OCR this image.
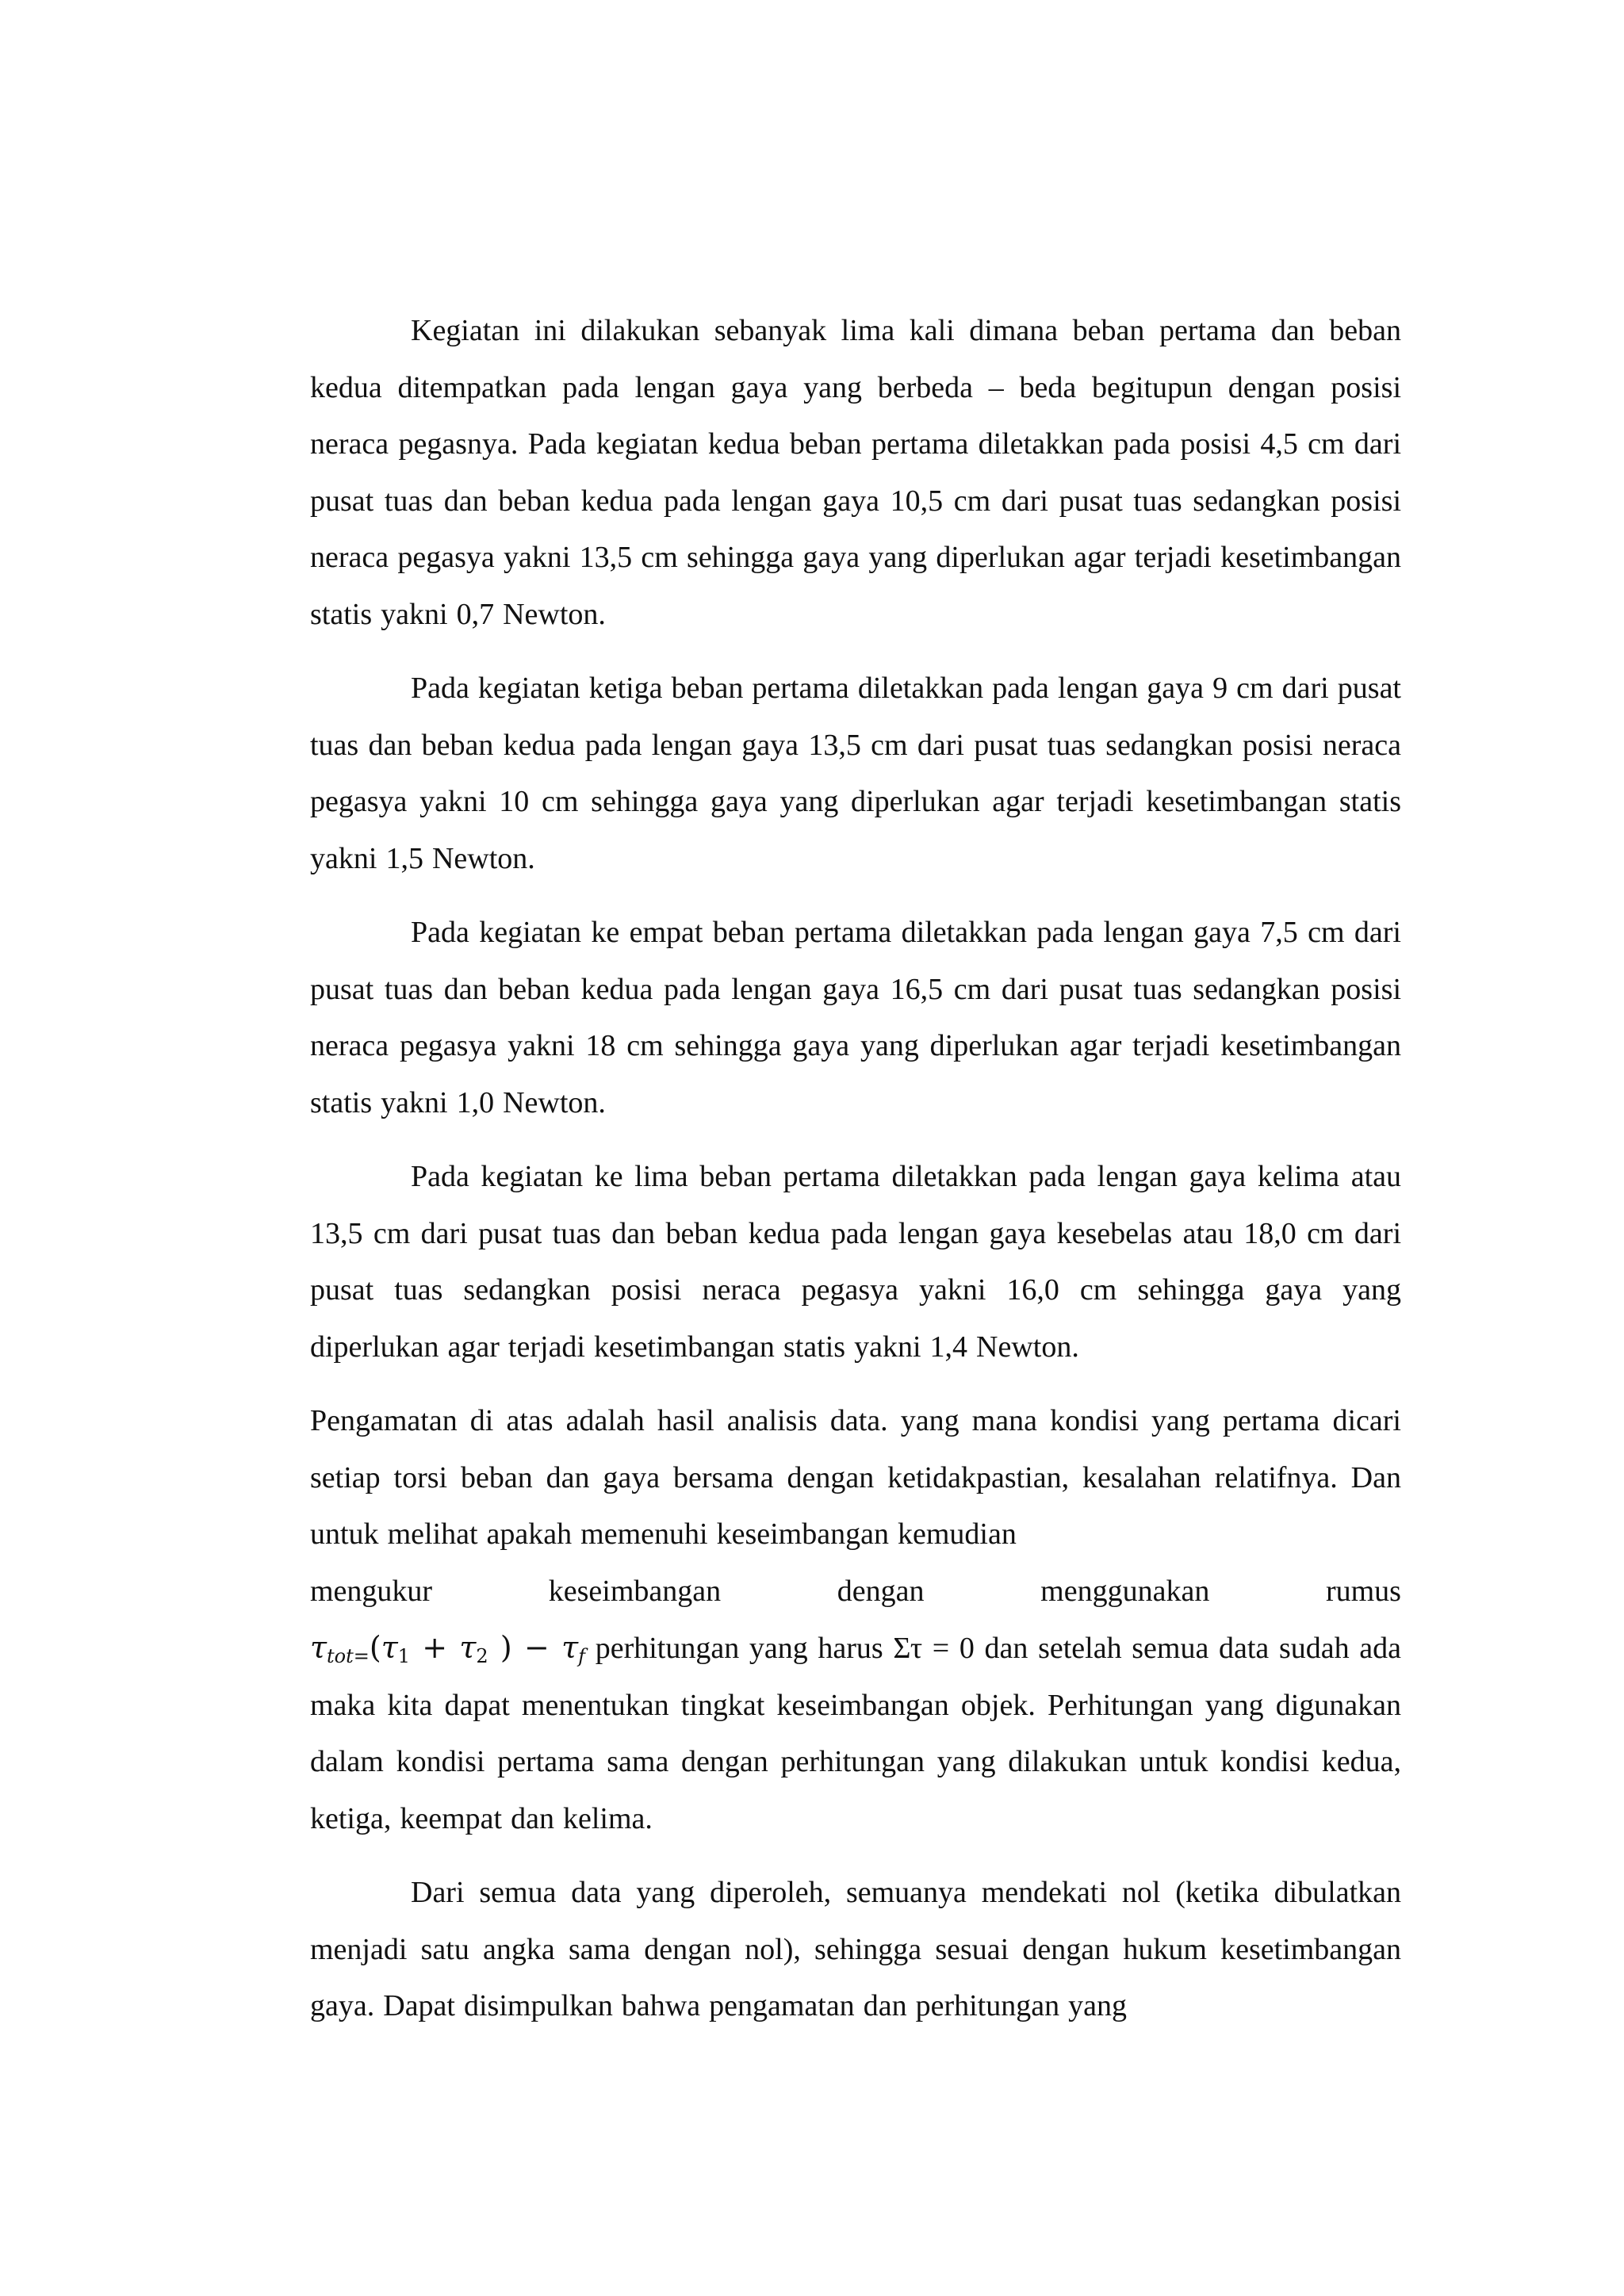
Kegiatan ini dilakukan sebanyak lima kali dimana beban pertama dan beban kedua ditempatkan pada lengan gaya yang berbeda – beda begitupun dengan posisi neraca pegasnya. Pada kegiatan kedua beban pertama diletakkan pada posisi 4,5 cm dari pusat tuas dan beban kedua pada lengan gaya 10,5 cm dari pusat tuas sedangkan posisi neraca pegasya yakni 13,5 cm sehingga gaya yang diperlukan agar terjadi kesetimbangan statis yakni 0,7 Newton.

Pada kegiatan ketiga beban pertama diletakkan pada lengan gaya 9 cm dari pusat tuas dan beban kedua pada lengan gaya 13,5 cm dari pusat tuas sedangkan posisi neraca pegasya yakni 10 cm sehingga gaya yang diperlukan agar terjadi kesetimbangan statis yakni 1,5 Newton.

Pada kegiatan ke empat beban pertama diletakkan pada lengan gaya 7,5 cm dari pusat tuas dan beban kedua pada lengan gaya 16,5 cm dari pusat tuas sedangkan posisi neraca pegasya yakni 18 cm sehingga gaya yang diperlukan agar terjadi kesetimbangan statis yakni 1,0 Newton.

Pada kegiatan ke lima beban pertama diletakkan pada lengan gaya kelima atau 13,5 cm dari pusat tuas dan beban kedua pada lengan gaya kesebelas atau 18,0 cm dari pusat tuas sedangkan posisi neraca pegasya yakni 16,0 cm sehingga gaya yang diperlukan agar terjadi kesetimbangan statis yakni 1,4 Newton.

Pengamatan di atas adalah hasil analisis data. yang mana kondisi yang pertama dicari setiap torsi beban dan gaya bersama dengan ketidakpastian, kesalahan relatifnya. Dan untuk melihat apakah memenuhi keseimbangan kemudian
mengukur	keseimbangan	dengan	menggunakan	rumus
$\tau_{tot=}(\tau_1 + \tau_2$ ) − $\tau_f$ perhitungan yang harus Στ = 0 dan setelah semua data sudah ada maka kita dapat menentukan tingkat keseimbangan objek. Perhitungan yang digunakan dalam kondisi pertama sama dengan perhitungan yang dilakukan untuk kondisi kedua, ketiga, keempat dan kelima.

Dari semua data yang diperoleh, semuanya mendekati nol (ketika dibulatkan menjadi satu angka sama dengan nol), sehingga sesuai dengan hukum kesetimbangan gaya. Dapat disimpulkan bahwa pengamatan dan perhitungan yang
